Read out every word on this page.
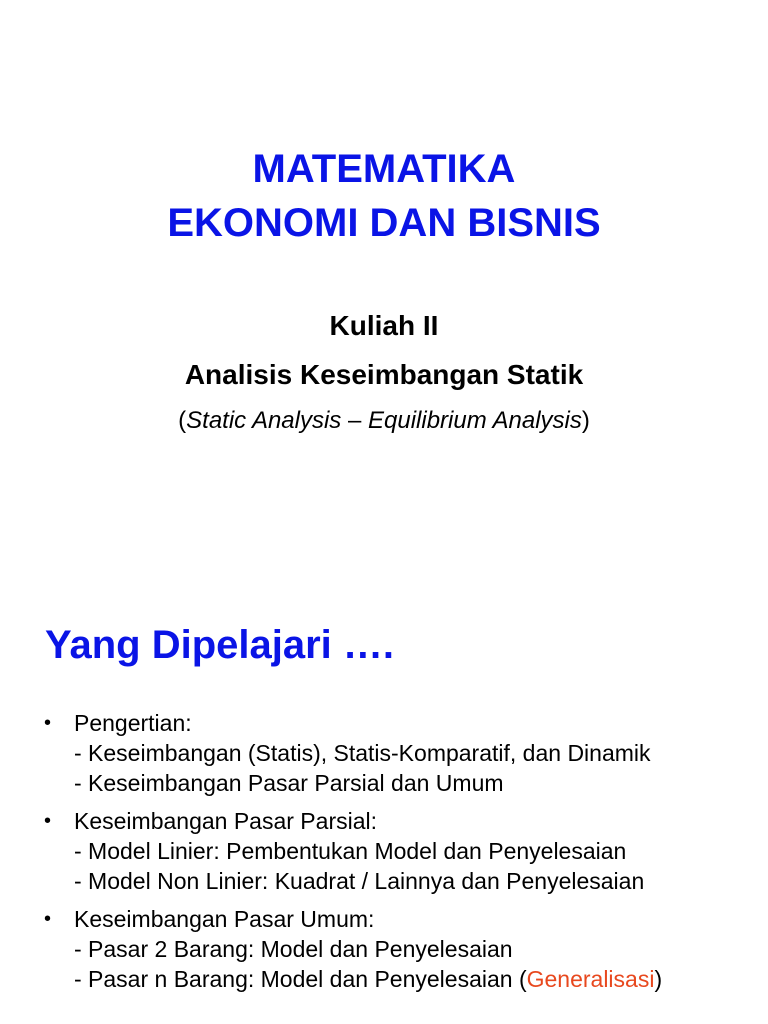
MATEMATIKA
EKONOMI DAN BISNIS
Kuliah II
Analisis Keseimbangan Statik
(Static Analysis – Equilibrium Analysis)
Yang Dipelajari ….
• Pengertian:
- Keseimbangan (Statis), Statis-Komparatif, dan Dinamik
- Keseimbangan Pasar Parsial dan Umum
• Keseimbangan Pasar Parsial:
- Model Linier: Pembentukan Model dan Penyelesaian
- Model Non Linier: Kuadrat / Lainnya dan Penyelesaian
• Keseimbangan Pasar Umum:
- Pasar 2 Barang: Model dan Penyelesaian
- Pasar n Barang: Model dan Penyelesaian (Generalisasi)
